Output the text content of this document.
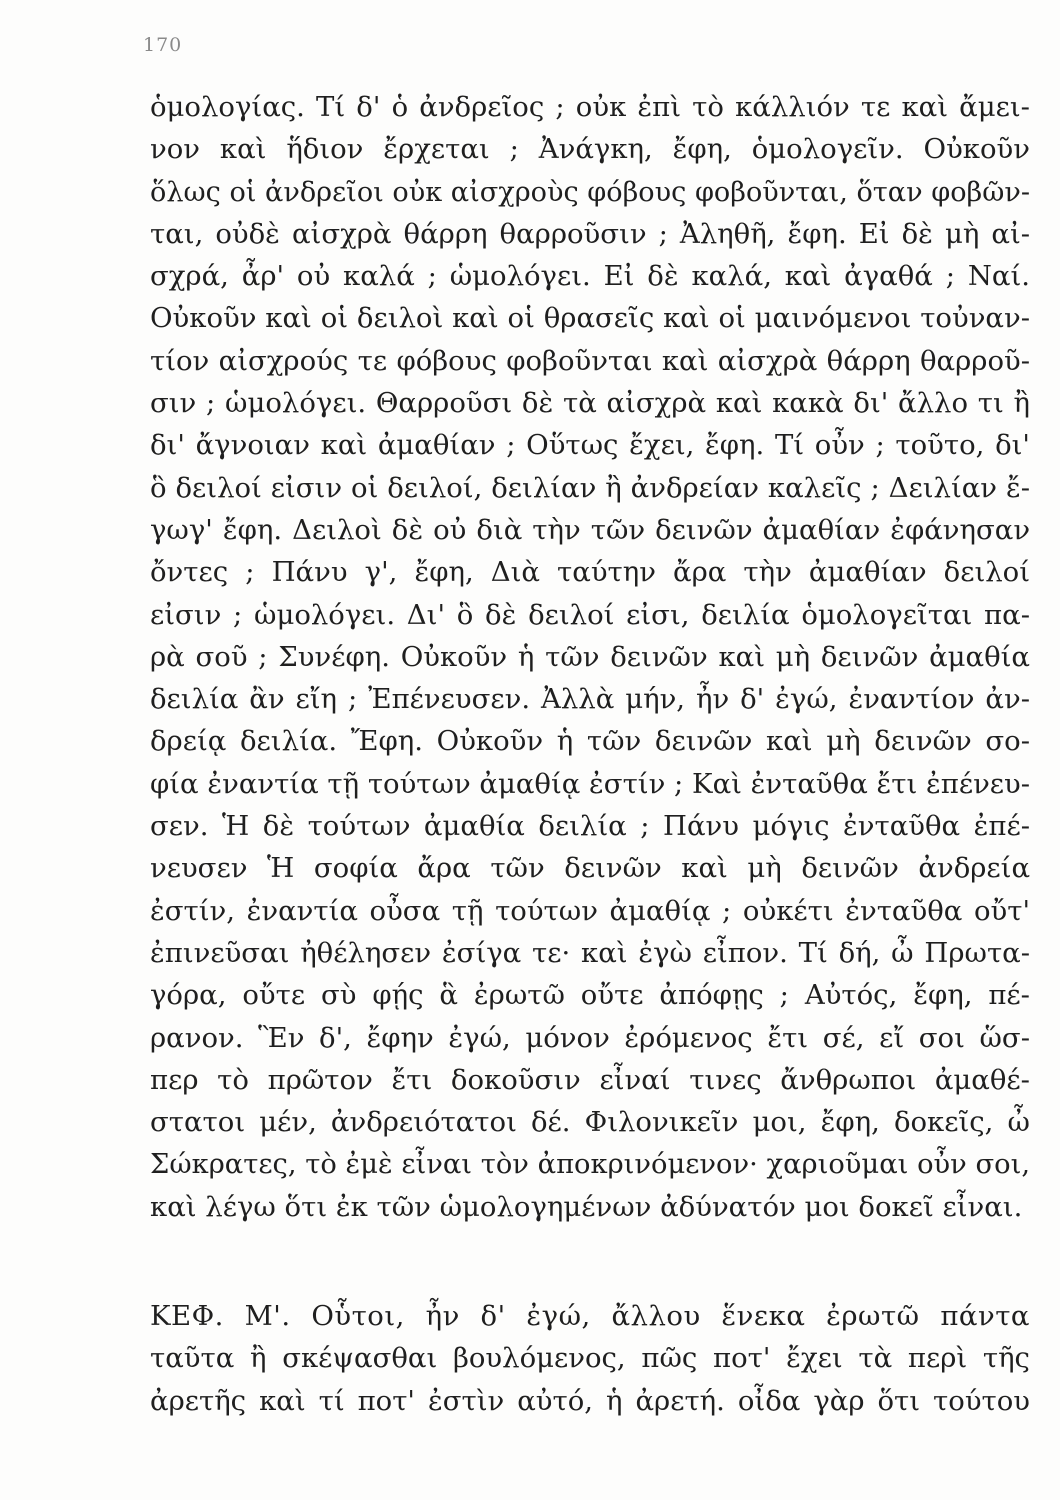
170
ὁμολογίας. Τί δ' ὁ ἀνδρεῖος ; οὐκ ἐπὶ τὸ κάλλιόν τε καὶ ἄμει-
νον καὶ ἥδιον ἔρχεται ; Ἀνάγκη, ἔφη, ὁμολογεῖν. Οὐκοῦν
ὅλως οἱ ἀνδρεῖοι οὐκ αἰσχροὺς φόβους φοβοῦνται, ὅταν φοβῶν-
ται, οὐδὲ αἰσχρὰ θάρρη θαρροῦσιν ; Ἀληθῆ, ἔφη. Εἰ δὲ μὴ αἰ-
σχρά, ἆρ' οὐ καλά ; ὡμολόγει. Εἰ δὲ καλά, καὶ ἀγαθά ; Ναί.
Οὐκοῦν καὶ οἱ δειλοὶ καὶ οἱ θρασεῖς καὶ οἱ μαινόμενοι τοὐναν-
τίον αἰσχρούς τε φόβους φοβοῦνται καὶ αἰσχρὰ θάρρη θαρροῦ-
σιν ; ὡμολόγει. Θαρροῦσι δὲ τὰ αἰσχρὰ καὶ κακὰ δι' ἄλλο τι ἢ
δι' ἄγνοιαν καὶ ἀμαθίαν ; Οὕτως ἔχει, ἔφη. Τί οὖν ; τοῦτο, δι'
ὃ δειλοί εἰσιν οἱ δειλοί, δειλίαν ἢ ἀνδρείαν καλεῖς ; Δειλίαν ἔ-
γωγ' ἔφη. Δειλοὶ δὲ οὐ διὰ τὴν τῶν δεινῶν ἀμαθίαν ἐφάνησαν
ὄντες ; Πάνυ γ', ἔφη, Διὰ ταύτην ἄρα τὴν ἀμαθίαν δειλοί
εἰσιν ; ὡμολόγει. Δι' ὃ δὲ δειλοί εἰσι, δειλία ὁμολογεῖται πα-
ρὰ σοῦ ; Συνέφη. Οὐκοῦν ἡ τῶν δεινῶν καὶ μὴ δεινῶν ἀμαθία
δειλία ἂν εἴη ; Ἐπένευσεν. Ἀλλὰ μήν, ἦν δ' ἐγώ, ἐναντίον ἀν-
δρείᾳ δειλία. Ἔφη. Οὐκοῦν ἡ τῶν δεινῶν καὶ μὴ δεινῶν σο-
φία ἐναντία τῇ τούτων ἀμαθίᾳ ἐστίν ; Καὶ ἐνταῦθα ἔτι ἐπένευ-
σεν. Ἡ δὲ τούτων ἀμαθία δειλία ; Πάνυ μόγις ἐνταῦθα ἐπέ-
νευσεν Ἡ σοφία ἄρα τῶν δεινῶν καὶ μὴ δεινῶν ἀνδρεία
ἐστίν, ἐναντία οὖσα τῇ τούτων ἀμαθίᾳ ; οὐκέτι ἐνταῦθα οὔτ'
ἐπινεῦσαι ἠθέλησεν ἐσίγα τε· καὶ ἐγὼ εἶπον. Τί δή, ὦ Πρωτα-
γόρα, οὔτε σὺ φῄς ἃ ἐρωτῶ οὔτε ἀπόφῃς ; Αὐτός, ἔφη, πέ-
ρανον. Ἓν δ', ἔφην ἐγώ, μόνον ἐρόμενος ἔτι σέ, εἴ σοι ὥσ-
περ τὸ πρῶτον ἔτι δοκοῦσιν εἶναί τινες ἄνθρωποι ἀμαθέ-
στατοι μέν, ἀνδρειότατοι δέ. Φιλονικεῖν μοι, ἔφη, δοκεῖς, ὦ
Σώκρατες, τὸ ἐμὲ εἶναι τὸν ἀποκρινόμενον· χαριοῦμαι οὖν σοι,
καὶ λέγω ὅτι ἐκ τῶν ὡμολογημένων ἀδύνατόν μοι δοκεῖ εἶναι.
ΚΕΦ. Μ'. Οὗτοι, ἦν δ' ἐγώ, ἄλλου ἕνεκα ἐρωτῶ πάντα
ταῦτα ἢ σκέψασθαι βουλόμενος, πῶς ποτ' ἔχει τὰ περὶ τῆς
ἀρετῆς καὶ τί ποτ' ἐστὶν αὐτό, ἡ ἀρετή. οἶδα γὰρ ὅτι τούτου
